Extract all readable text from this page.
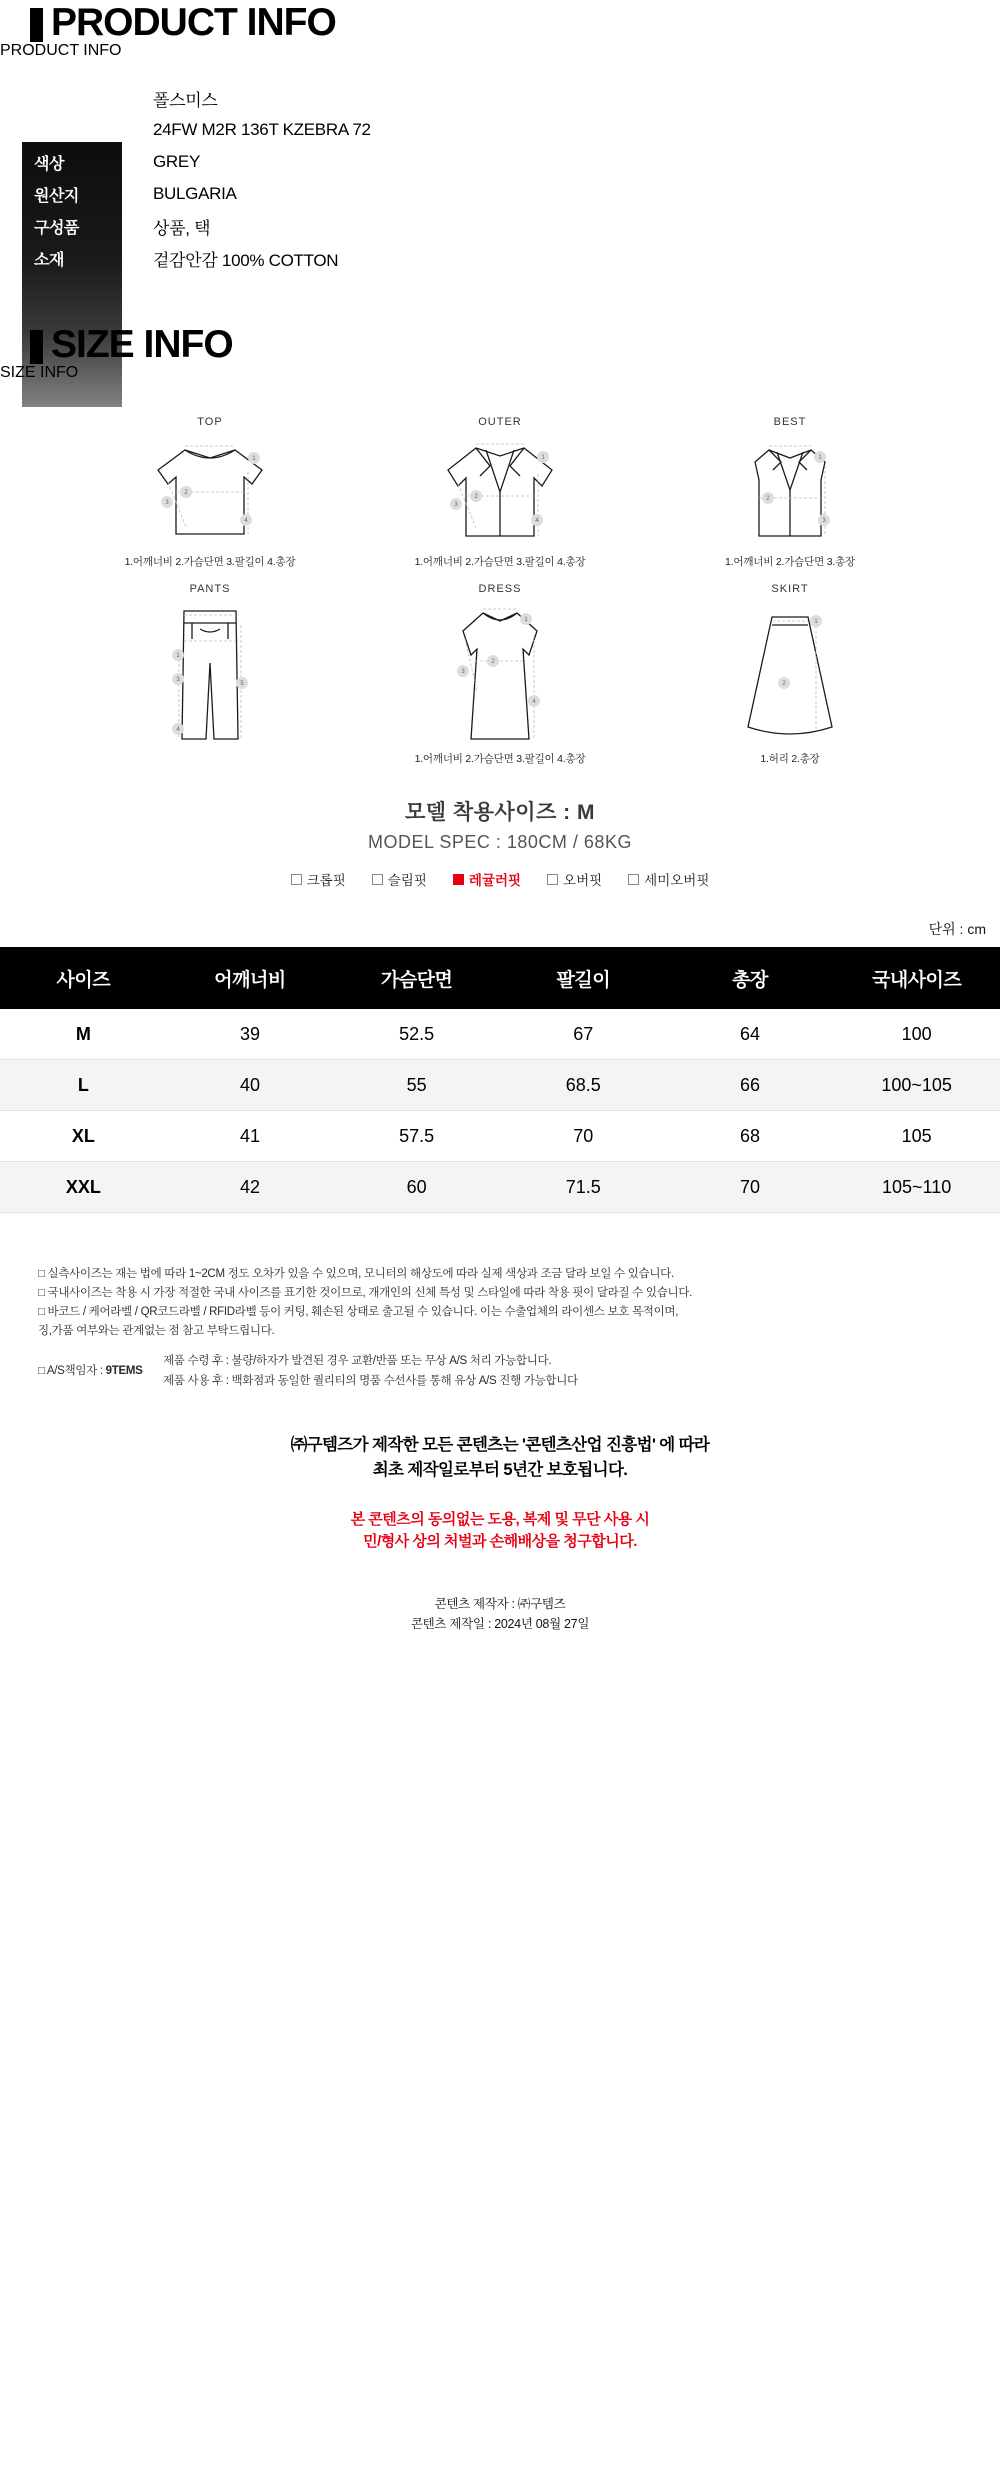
PRODUCT INFO
PRODUCT INFO
브랜드	폴스미스
모델코드	24FW M2R 136T KZEBRA 72
색상	GREY
원산지	BULGARIA
구성품	상품, 택
소재	겉감안감 100% COTTON
SIZE INFO
SIZE INFO
TOP
1
2
3
4
1.어깨너비 2.가슴단면 3.팔길이 4.총장
OUTER
1
2
3
4
1.어깨너비 2.가슴단면 3.팔길이 4.총장
BEST
1
2
3
1.어깨너비 2.가슴단면 3.총장
PANTS
1
3
5
4
DRESS
1
2
3
4
1.어깨너비 2.가슴단면 3.팔길이 4.총장
SKIRT
1
2
1.허리 2.총장
모델 착용사이즈 : M
MODEL SPEC : 180CM / 68KG
크롭핏	슬림핏	레귤러핏	오버핏	세미오버핏
단위 : cm
사이즈	어깨너비	가슴단면	팔길이	총장	국내사이즈
M	39	52.5	67	64	100
L	40	55	68.5	66	100~105
XL	41	57.5	70	68	105
XXL	42	60	71.5	70	105~110
□ 실측사이즈는 재는 법에 따라 1~2CM 정도 오차가 있을 수 있으며, 모니터의 해상도에 따라 실제 색상과 조금 달라 보일 수 있습니다.
□ 국내사이즈는 착용 시 가장 적절한 국내 사이즈를 표기한 것이므로, 개개인의 신체 특성 및 스타일에 따라 착용 핏이 달라질 수 있습니다.
□ 바코드 / 케어라벨 / QR코드라벨 / RFID라벨 등이 커팅, 훼손된 상태로 출고될 수 있습니다. 이는 수출업체의 라이센스 보호 목적이며,
징,가품 여부와는 관계없는 점 참고 부탁드립니다.
□ A/S책임자 : 9TEMS
제품 수령 후 : 불량/하자가 발견된 경우 교환/반품 또는 무상 A/S 처리 가능합니다.
제품 사용 후 : 백화점과 동일한 퀄리티의 명품 수선사를 통해 유상 A/S 진행 가능합니다
㈜구템즈가 제작한 모든 콘텐츠는 '콘텐츠산업 진흥법' 에 따라
최초 제작일로부터 5년간 보호됩니다.
본 콘텐츠의 동의없는 도용, 복제 및 무단 사용 시
민/형사 상의 처벌과 손해배상을 청구합니다.
콘텐츠 제작자 : ㈜구템즈
콘텐츠 제작일 : 2024년 08월 27일
